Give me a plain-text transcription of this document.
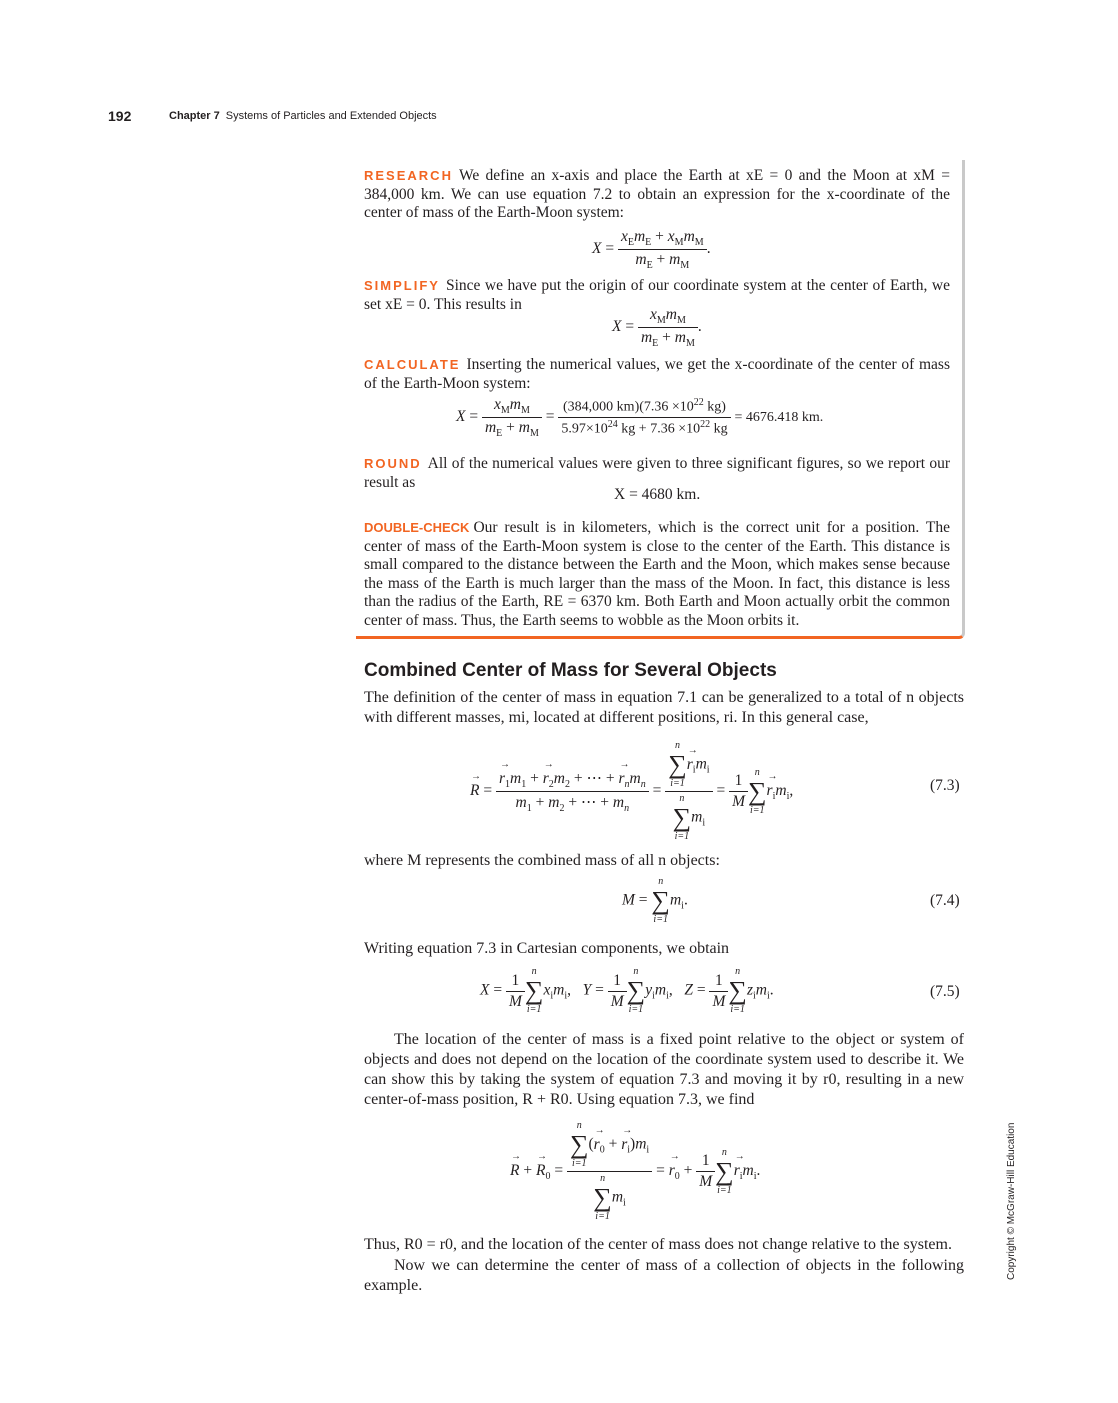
192	Chapter 7 Systems of Particles and Extended Objects
RESEARCH We define an x-axis and place the Earth at xE = 0 and the Moon at xM = 384,000 km. We can use equation 7.2 to obtain an expression for the x-coordinate of the center of mass of the Earth-Moon system:
$X = \frac{x_Em_E + x_Mm_M}{m_E + m_M}$ .
SIMPLIFY Since we have put the origin of our coordinate system at the center of Earth, we set xE = 0. This results in
$X = \frac{x_Mm_M}{m_E + m_M}$ .
CALCULATE Inserting the numerical values, we get the x-coordinate of the center of mass of the Earth-Moon system:
$X = \frac{x_Mm_M}{m_E + m_M} = \frac{(384,000 km)(7.36 \times 10^{22} kg)}{5.97\times 10^{24} kg + 7.36 \times 10^{22} kg} = 4676.418$ km.
ROUND All of the numerical values were given to three significant figures, so we report our result as
X = 4680 km.
DOUBLE-CHECK Our result is in kilometers, which is the correct unit for a position. The center of mass of the Earth-Moon system is close to the center of the Earth. This distance is small compared to the distance between the Earth and the Moon, which makes sense because the mass of the Earth is much larger than the mass of the Moon. In fact, this distance is less than the radius of the Earth, RE = 6370 km. Both Earth and Moon actually orbit the common center of mass. Thus, the Earth seems to wobble as the Moon orbits it.
Combined Center of Mass for Several Objects
The definition of the center of mass in equation 7.1 can be generalized to a total of n objects with different masses, mi, located at different positions, ri. In this general case,
→ R =
→ $\frac{r_1m_1 + \to r_2m_2 + \cdots + \to r_nm_n}{m_1 + m_2 + \cdots + m_n} = n$
∑
i=1
→ $r_im_i$
n
∑
i=1
$m_i = \frac{1}{M}$ n
∑
i=1
→ $r_im_i$,	(7.3)
where M represents the combined mass of all n objects:
M =
n
∑
i=1
$m_i$.	(7.4)
Writing equation 7.3 in Cartesian components, we obtain
$X = \frac{1}{M}$ n
∑
i=1
$x_im_i$,   $Y = \frac{1}{M}$ n
∑
i=1
$y_im_i$,   $Z = \frac{1}{M}$ n
∑
i=1
$z_im_i$.	(7.5)
The location of the center of mass is a fixed point relative to the object or system of objects and does not depend on the location of the coordinate system used to describe it. We can show this by taking the system of equation 7.3 and moving it by r0, resulting in a new center-of-mass position, R + R0. Using equation 7.3, we find
→ R + → $R_0 = n$
∑
i=1
(→ $r_0$ + → $r_i)m_i$
n
∑
i=1
$m_i$ = → $r_0 + \frac{1}{M}$ n
∑
i=1
→ $r_im_i$.
Thus, R0 = r0, and the location of the center of mass does not change relative to the system.
Now we can determine the center of mass of a collection of objects in the following example.
Copyright © McGraw-Hill Education
